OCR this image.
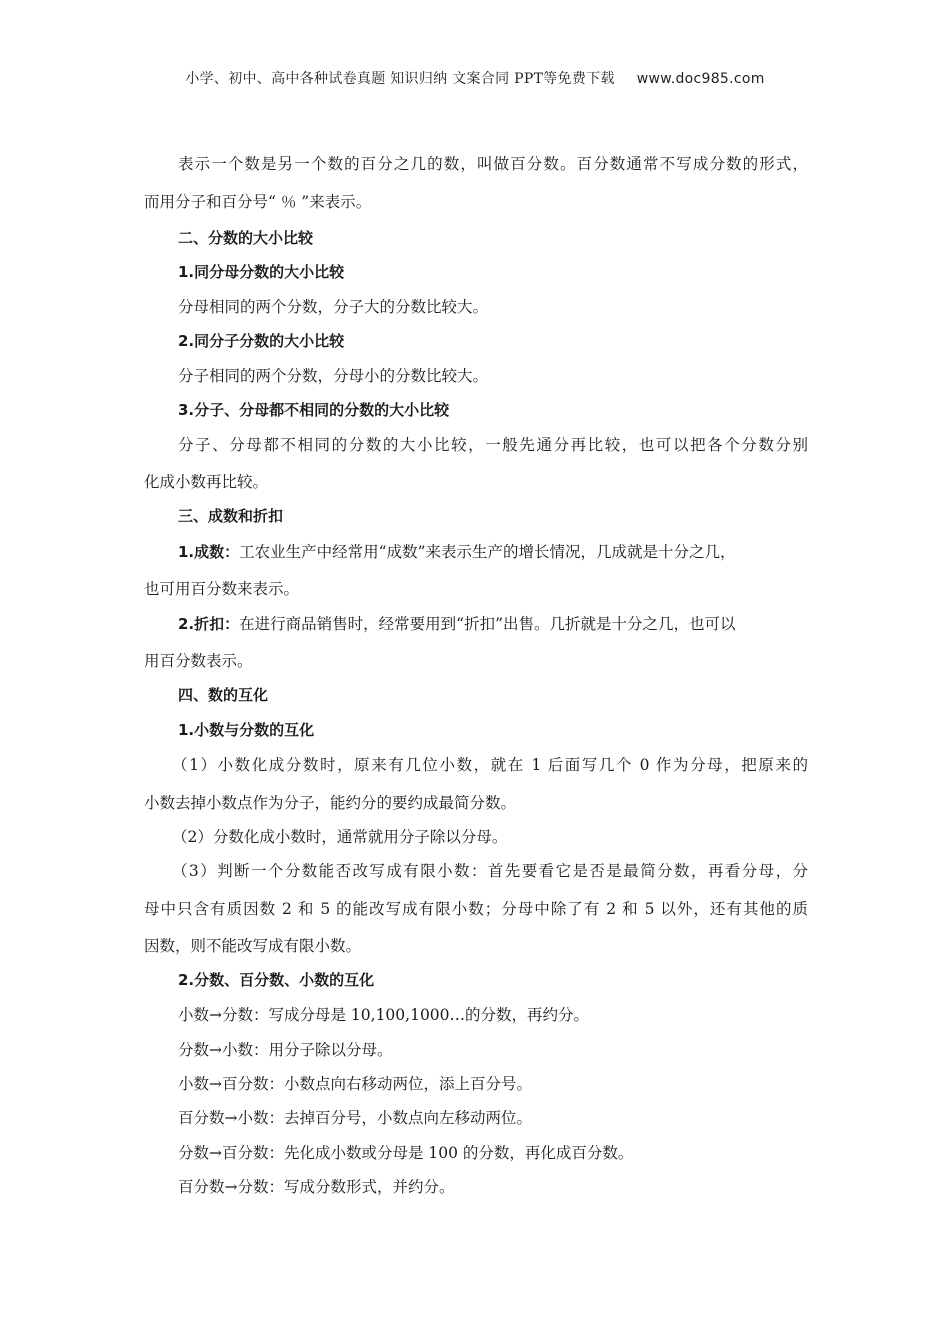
小学、初中、高中各种试卷真题 知识归纳 文案合同 PPT等免费下载 www.doc985.com
表示一个数是另一个数的百分之几的数，叫做百分数。百分数通常不写成分数的形式，
而用分子和百分号“ ％ ”来表示。
二、分数的大小比较
1.同分母分数的大小比较
分母相同的两个分数，分子大的分数比较大。
2.同分子分数的大小比较
分子相同的两个分数，分母小的分数比较大。
3.分子、分母都不相同的分数的大小比较
分子、分母都不相同的分数的大小比较，一般先通分再比较，也可以把各个分数分别
化成小数再比较。
三、成数和折扣
1.成数：工农业生产中经常用“成数”来表示生产的增长情况，几成就是十分之几，
也可用百分数来表示。
2.折扣：在进行商品销售时，经常要用到“折扣”出售。几折就是十分之几，也可以
用百分数表示。
四、数的互化
1.小数与分数的互化
（1）小数化成分数时，原来有几位小数，就在 1 后面写几个 0 作为分母，把原来的
小数去掉小数点作为分子，能约分的要约成最简分数。
（2）分数化成小数时，通常就用分子除以分母。
（3）判断一个分数能否改写成有限小数：首先要看它是否是最简分数，再看分母，分
母中只含有质因数 2 和 5 的能改写成有限小数；分母中除了有 2 和 5 以外，还有其他的质
因数，则不能改写成有限小数。
2.分数、百分数、小数的互化
小数→分数：写成分母是 10,100,1000…的分数，再约分。
分数→小数：用分子除以分母。
小数→百分数：小数点向右移动两位，添上百分号。
百分数→小数：去掉百分号，小数点向左移动两位。
分数→百分数：先化成小数或分母是 100 的分数，再化成百分数。
百分数→分数：写成分数形式，并约分。
